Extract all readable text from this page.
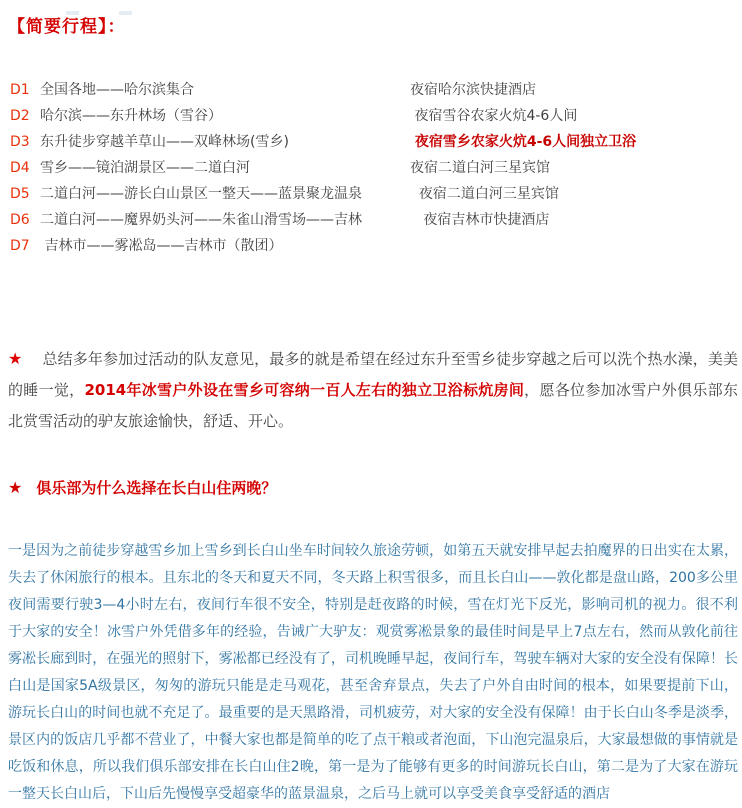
【简要行程】：
D1 全国各地——哈尔滨集合	夜宿哈尔滨快捷酒店
D2 哈尔滨——东升林场（雪谷）	夜宿雪谷农家火炕4-6人间
D3 东升徒步穿越羊草山——双峰林场(雪乡)	夜宿雪乡农家火炕4-6人间独立卫浴
D4 雪乡——镜泊湖景区——二道白河	夜宿二道白河三星宾馆
D5 二道白河——游长白山景区一整天——蓝景聚龙温泉	夜宿二道白河三星宾馆
D6 二道白河——魔界奶头河——朱雀山滑雪场——吉林	夜宿吉林市快捷酒店
D7 吉林市——雾凇岛——吉林市（散团）

★ 总结多年参加过活动的队友意见，最多的就是希望在经过东升至雪乡徒步穿越之后可以洗个热水澡，美美的睡一觉，2014年冰雪户外设在雪乡可容纳一百人左右的独立卫浴标炕房间，愿各位参加冰雪户外俱乐部东北赏雪活动的驴友旅途愉快，舒适、开心。

★ 俱乐部为什么选择在长白山住两晚？

一是因为之前徒步穿越雪乡加上雪乡到长白山坐车时间较久旅途劳顿，如第五天就安排早起去拍魔界的日出实在太累，失去了休闲旅行的根本。且东北的冬天和夏天不同，冬天路上积雪很多，而且长白山——敦化都是盘山路，200多公里夜间需要行驶3—4小时左右，夜间行车很不安全，特别是赶夜路的时候，雪在灯光下反光，影响司机的视力。很不利于大家的安全！冰雪户外凭借多年的经验，告诫广大驴友：观赏雾凇景象的最佳时间是早上7点左右，然而从敦化前往雾凇长廊到时，在强光的照射下，雾凇都已经没有了，司机晚睡早起，夜间行车，驾驶车辆对大家的安全没有保障！长白山是国家5A级景区，匆匆的游玩只能是走马观花，甚至舍弃景点，失去了户外自由时间的根本，如果要提前下山，游玩长白山的时间也就不充足了。最重要的是天黑路滑，司机疲劳，对大家的安全没有保障！由于长白山冬季是淡季，景区内的饭店几乎都不营业了，中餐大家也都是简单的吃了点干粮或者泡面，下山泡完温泉后，大家最想做的事情就是吃饭和休息，所以我们俱乐部安排在长白山住2晚，第一是为了能够有更多的时间游玩长白山，第二是为了大家在游玩一整天长白山后，下山后先慢慢享受超豪华的蓝景温泉，之后马上就可以享受美食享受舒适的酒店
